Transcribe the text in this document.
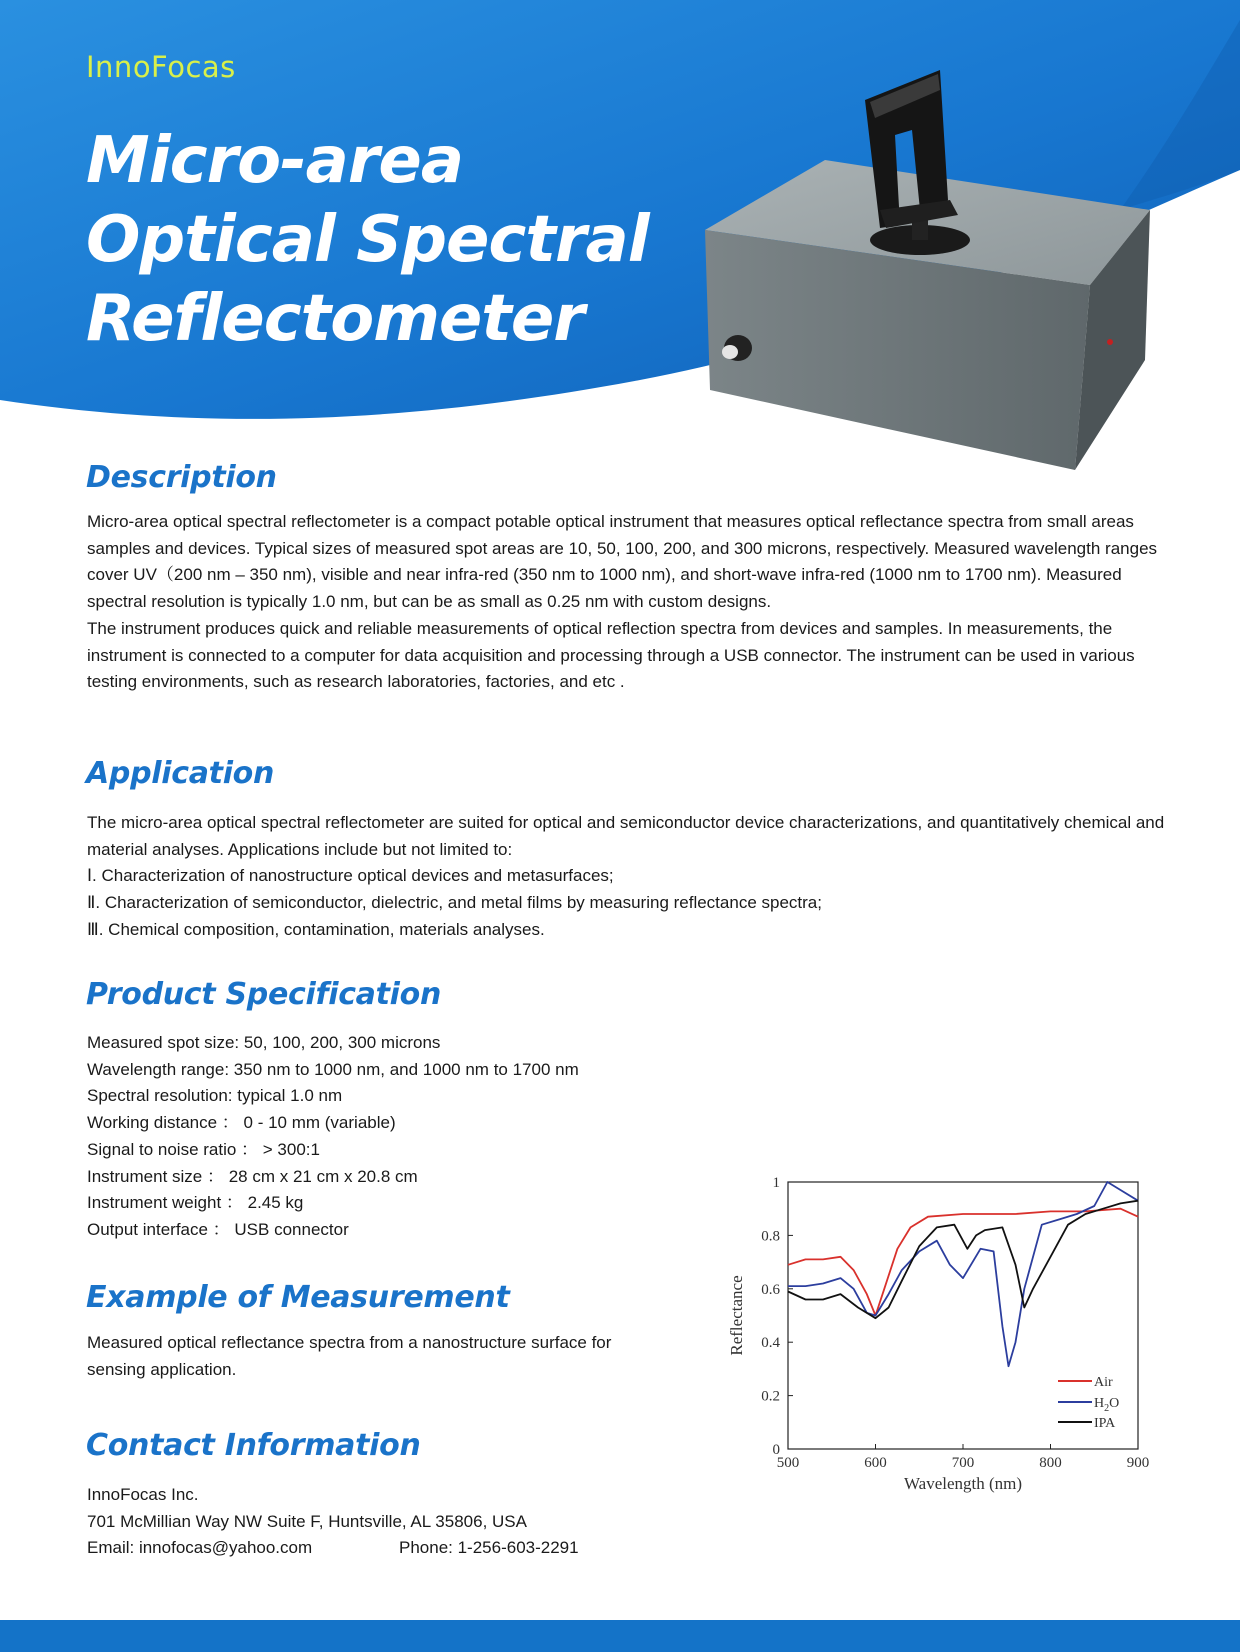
InnoFocas
Micro-area
Optical Spectral
Reflectometer
Description

Micro-area optical spectral reflectometer is a compact potable optical instrument that measures optical reflectance spectra from small areas samples and devices. Typical sizes of measured spot areas are 10, 50, 100, 200, and 300 microns, respectively. Measured wavelength ranges cover UV（200 nm – 350 nm), visible and near infra-red (350 nm to 1000 nm), and short-wave infra-red (1000 nm to 1700 nm). Measured spectral resolution is typically 1.0 nm, but can be as small as 0.25 nm with custom designs.

The instrument produces quick and reliable measurements of optical reflection spectra from devices and samples. In measurements, the instrument is connected to a computer for data acquisition and processing through a USB connector. The instrument can be used in various testing environments, such as research laboratories, factories, and etc .

Application

The micro-area optical spectral reflectometer are suited for optical and semiconductor device characterizations, and quantitatively chemical and material analyses. Applications include but not limited to:

Ⅰ. Characterization of nanostructure optical devices and metasurfaces;
Ⅱ. Characterization of semiconductor, dielectric, and metal films by measuring reflectance spectra;
Ⅲ. Chemical composition, contamination, materials analyses.
Product Specification
Measured spot size: 50, 100, 200, 300 microns
Wavelength range: 350 nm to 1000 nm, and 1000 nm to 1700 nm
Spectral resolution: typical 1.0 nm
Working distance ： 0 - 10 mm (variable)
Signal to noise ratio ： > 300:1
Instrument size ： 28 cm x 21 cm x 20.8 cm
Instrument weight ： 2.45 kg
Output interface ： USB connector
Example of Measurement
Measured optical reflectance spectra from a nanostructure surface for
sensing application.
Contact Information
InnoFocas Inc.
701 McMillian Way NW Suite F, Huntsville, AL 35806, USA
Email: innofocas@yahoo.com	Phone: 1-256-603-2291
500	600	700	800	900
0
0.2
0.4
0.6
0.8
1
Wavelength (nm)
Reflectance
Air
$H_2O$
IPA
